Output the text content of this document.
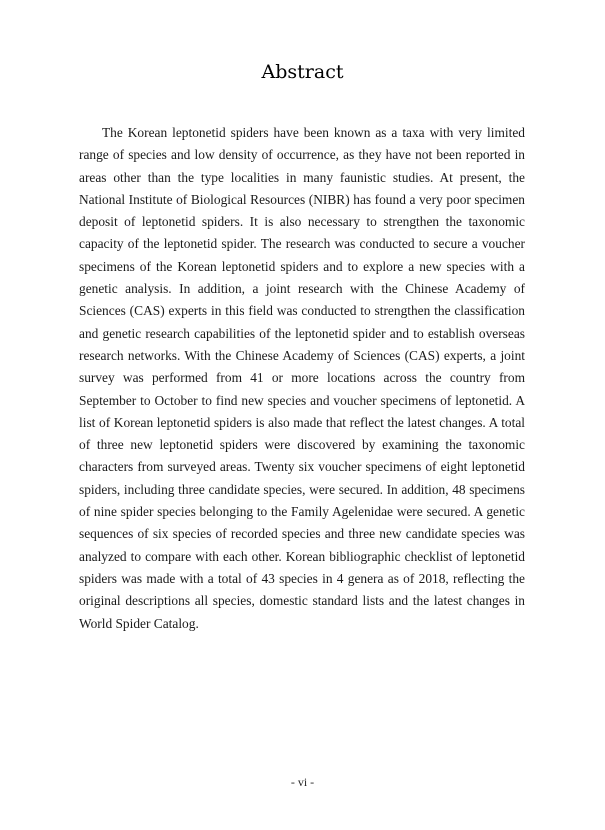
Abstract

The Korean leptonetid spiders have been known as a taxa with very limited range of species and low density of occurrence, as they have not been reported in areas other than the type localities in many faunistic studies. At present, the National Institute of Biological Resources (NIBR) has found a very poor specimen deposit of leptonetid spiders. It is also necessary to strengthen the taxonomic capacity of the leptonetid spider. The research was conducted to secure a voucher specimens of the Korean leptonetid spiders and to explore a new species with a genetic analysis. In addition, a joint research with the Chinese Academy of Sciences (CAS) experts in this field was conducted to strengthen the classification and genetic research capabilities of the leptonetid spider and to establish overseas research networks. With the Chinese Academy of Sciences (CAS) experts, a joint survey was performed from 41 or more locations across the country from September to October to find new species and voucher specimens of leptonetid. A list of Korean leptonetid spiders is also made that reflect the latest changes. A total of three new leptonetid spiders were discovered by examining the taxonomic characters from surveyed areas. Twenty six voucher specimens of eight leptonetid spiders, including three candidate species, were secured. In addition, 48 specimens of nine spider species belonging to the Family Agelenidae were secured. A genetic sequences of six species of recorded species and three new candidate species was analyzed to compare with each other. Korean bibliographic checklist of leptonetid spiders was made with a total of 43 species in 4 genera as of 2018, reflecting the original descriptions all species, domestic standard lists and the latest changes in World Spider Catalog.

- vi -
